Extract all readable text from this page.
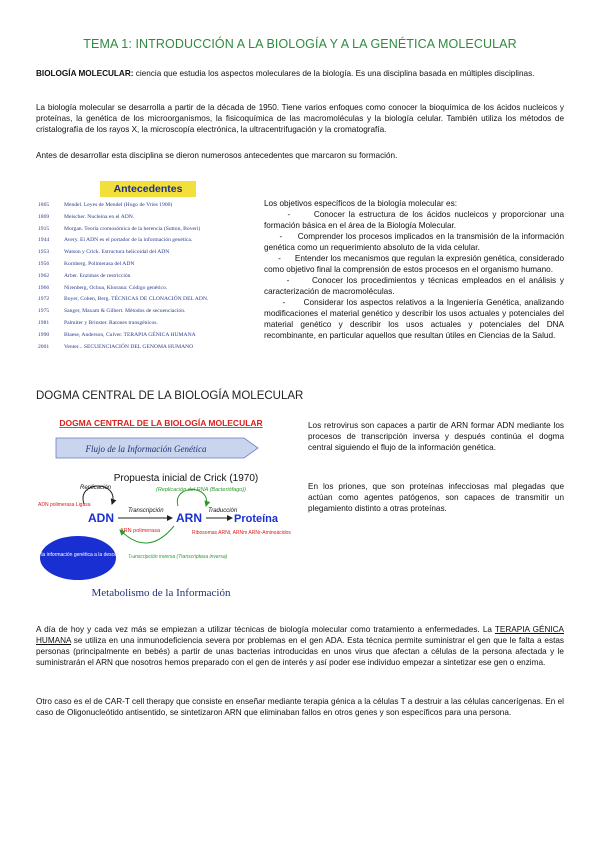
TEMA 1: INTRODUCCIÓN A LA BIOLOGÍA Y A LA GENÉTICA MOLECULAR
BIOLOGÍA MOLECULAR: ciencia que estudia los aspectos moleculares de la biología. Es una disciplina basada en múltiples disciplinas.
La biología molecular se desarrolla a partir de la década de 1950. Tiene varios enfoques como conocer la bioquímica de los ácidos nucleicos y proteínas, la genética de los microorganismos, la fisicoquímica de las macromoléculas y la biología celular. También utiliza los métodos de cristalografía de los rayos X, la microscopía electrónica, la ultracentrifugación y la cromatografía.
Antes de desarrollar esta disciplina se dieron numerosos antecedentes que marcaron su formación.
Antecedentes
1865	Mendel. Leyes de Mendel (Hugo de Vries 1900)
1869	Meischer. Nucleína en el ADN.
1915	Morgan. Teoría cromosómica de la herencia (Sutton, Boveri)
1944	Avery. El ADN es el portador de la información genética.
1953	Watson y Crick. Estructura helicoidal del ADN
1956	Kornberg. Polimerasa del ADN
1962	Arber. Enzimas de restricción
1966	Nirenberg, Ochoa, Khorana: Código genético.
1972	Boyer, Cohen, Berg. TÉCNICAS DE CLONACIÓN DEL ADN.
1975	Sanger, Maxam & Gilbert. Métodos de secuenciación.
1981	Palmiter y Brinster. Ratones transgénicos.
1990	Blaese, Anderson, Culver. TERAPIA GÉNICA HUMANA
2001	Venter... SECUENCIACIÓN DEL GENOMA HUMANO
Los objetivos específicos de la biología molecular es:
-      Conocer la estructura de los ácidos nucleicos y proporcionar una formación básica en el área de la Biología Molecular.
-      Comprender los procesos implicados en la transmisión de la información genética como un requerimiento absoluto de la vida celular.
-      Entender los mecanismos que regulan la expresión genética, considerado como objetivo final la comprensión de estos procesos en el organismo humano.
-      Conocer los procedimientos y técnicas empleados en el análisis y caracterización de macromoléculas.
-      Considerar los aspectos relativos a la Ingeniería Genética, analizando modificaciones el material genético y describir los usos actuales y potenciales del material genético y describir los usos actuales y potenciales del DNA recombinante, en particular aquellos que resultan útiles en Ciencias de la Salud.
DOGMA CENTRAL DE LA BIOLOGÍA MOLECULAR
DOGMA CENTRAL DE LA BIOLOGÍA MOLECULAR
Flujo de la Información Genética
Propuesta inicial de Crick (1970)
Replicación	(Replicación del RNA (Bacteriófago))
ADN Transcripción ARN Traducción
Proteína
ADN polimerasa Ligasa
ARN polimerasa	Ribosomas ARNt, ARNm ARNr-Aminoácidos
Transcripción inversa (Transcriptasa inversa)
Paso de la información genética a la descendencia
Metabolismo de la Información
Los retrovirus son capaces a partir de ARN formar ADN mediante los procesos de transcripción inversa y después continúa el dogma central siguiendo el flujo de la información genética.
En los priones, que son proteínas infecciosas mal plegadas que actúan como agentes patógenos, son capaces de transmitir un plegamiento distinto a otras proteínas.
A día de hoy y cada vez más se empiezan a utilizar técnicas de biología molecular como tratamiento a enfermedades. La TERAPIA GÉNICA HUMANA se utiliza en una inmunodeficiencia severa por problemas en el gen ADA. Esta técnica permite suministrar el gen que le falta a estas personas (principalmente en bebés) a partir de unas bacterias introducidas en unos virus que afectan a células de la persona afectada y le suministrarán el ARN que nosotros hemos preparado con el gen de interés y así poder ese individuo empezar a sintetizar ese gen o enzima.
Otro caso es el de CAR-T cell therapy que consiste en enseñar mediante terapia génica a la células T a destruir a las células cancerígenas. En el caso de Oligonucleótido antisentido, se sintetizaron ARN que eliminaban fallos en otros genes y son específicos para una persona.
